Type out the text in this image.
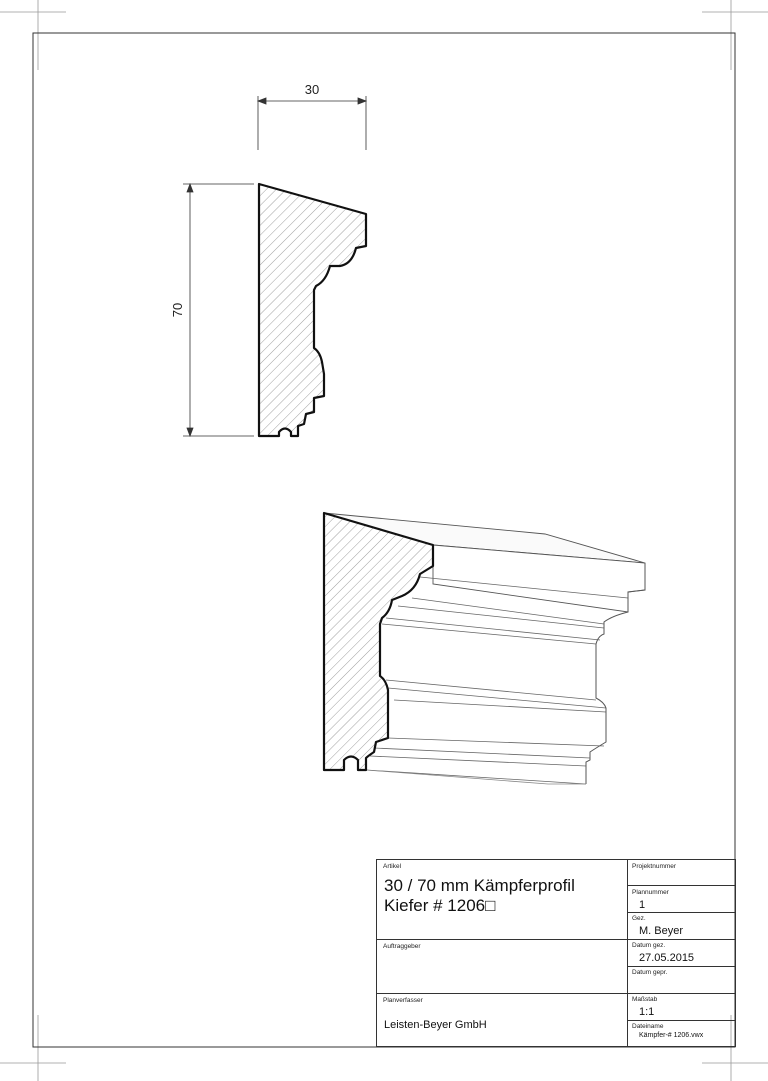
30
70
Artikel
30 / 70 mm Kämpferprofil
Kiefer # 1206□
Auftraggeber
Planverfasser
Leisten-Beyer GmbH
Projektnummer
Plannummer
1
Gez.
M. Beyer
Datum gez.
27.05.2015
Datum gepr.
Maßstab
1:1
Dateiname
Kämpfer-# 1206.vwx
